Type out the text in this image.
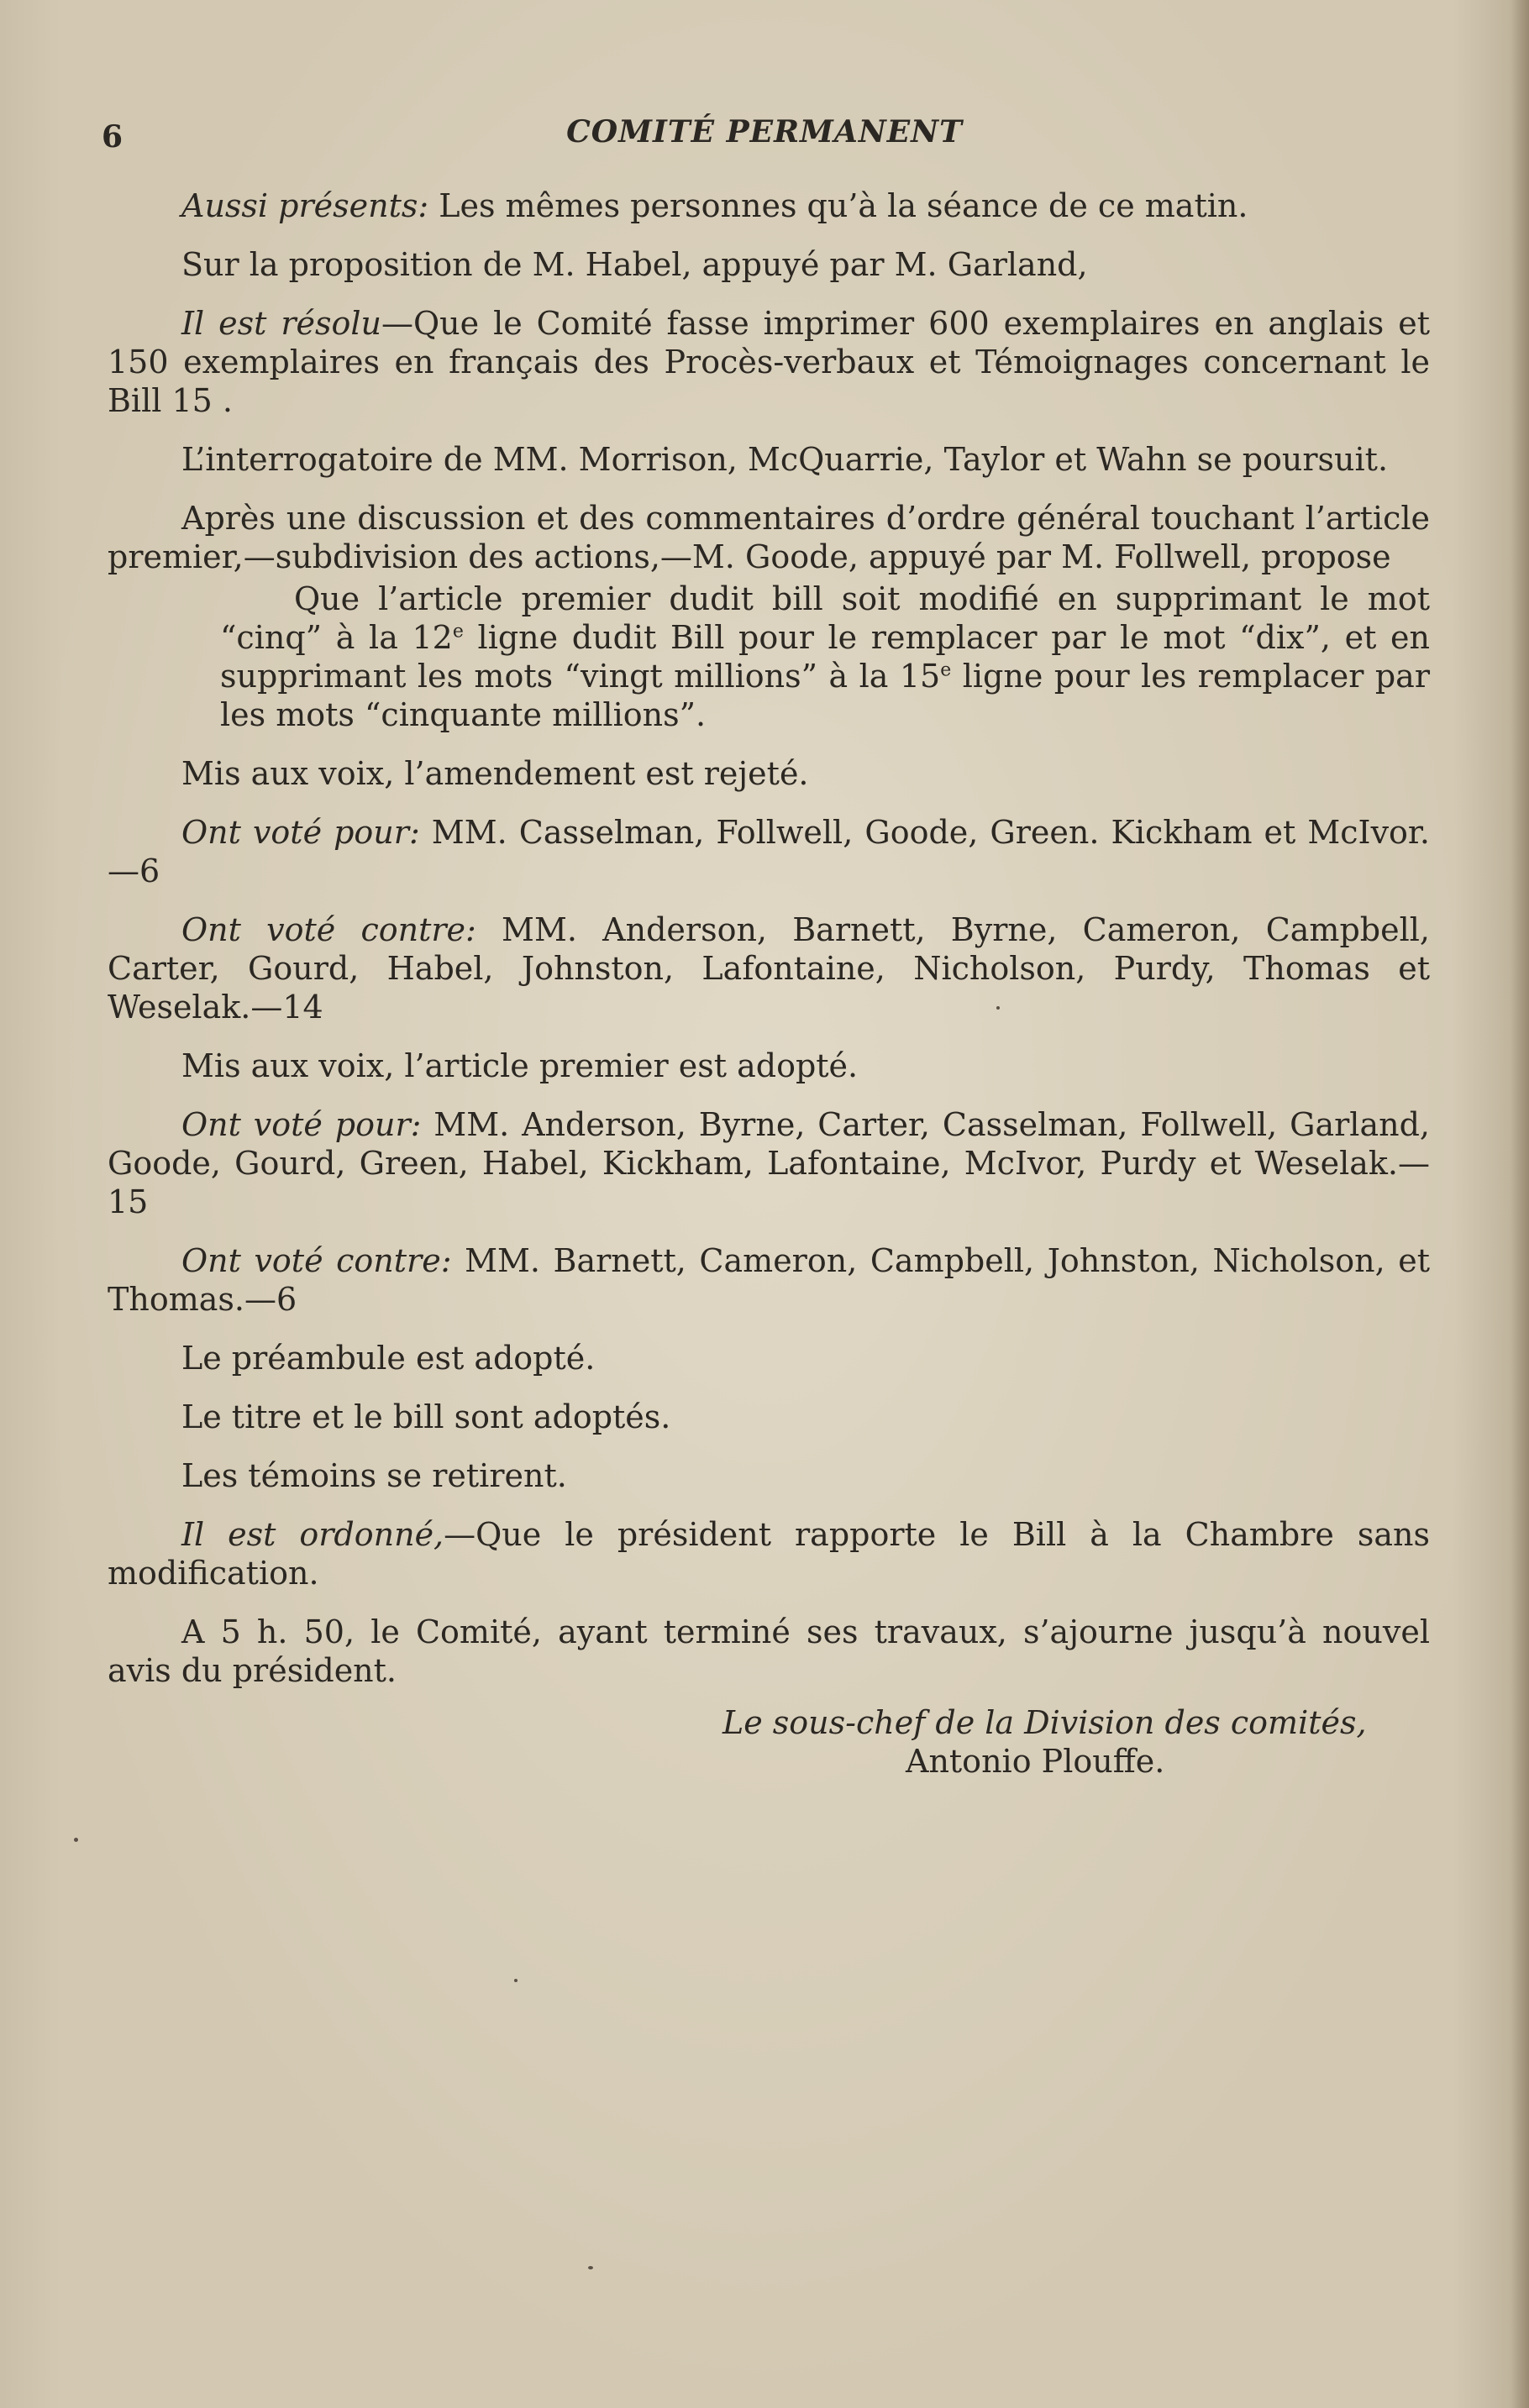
6	COMITÉ PERMANENT

Aussi présents: Les mêmes personnes qu’à la séance de ce matin.

Sur la proposition de M. Habel, appuyé par M. Garland,

Il est résolu—Que le Comité fasse imprimer 600 exemplaires en anglais et 150 exemplaires en français des Procès-verbaux et Témoignages concernant le Bill 15 .

L’interrogatoire de MM. Morrison, McQuarrie, Taylor et Wahn se poursuit.

Après une discussion et des commentaires d’ordre général touchant l’article premier,—subdivision des actions,—M. Goode, appuyé par M. Follwell, propose

Que l’article premier dudit bill soit modifié en supprimant le mot “cinq” à la 12e ligne dudit Bill pour le remplacer par le mot “dix”, et en supprimant les mots “vingt millions” à la 15e ligne pour les remplacer par les mots “cinquante millions”.

Mis aux voix, l’amendement est rejeté.

Ont voté pour: MM. Casselman, Follwell, Goode, Green. Kickham et McIvor.—6

Ont voté contre: MM. Anderson, Barnett, Byrne, Cameron, Campbell, Carter, Gourd, Habel, Johnston, Lafontaine, Nicholson, Purdy, Thomas et Weselak.—14

Mis aux voix, l’article premier est adopté.

Ont voté pour: MM. Anderson, Byrne, Carter, Casselman, Follwell, Garland, Goode, Gourd, Green, Habel, Kickham, Lafontaine, McIvor, Purdy et Weselak.—15

Ont voté contre: MM. Barnett, Cameron, Campbell, Johnston, Nicholson, et Thomas.—6

Le préambule est adopté.

Le titre et le bill sont adoptés.

Les témoins se retirent.

Il est ordonné,—Que le président rapporte le Bill à la Chambre sans modification.

A 5 h. 50, le Comité, ayant terminé ses travaux, s’ajourne jusqu’à nouvel avis du président.

Le sous-chef de la Division des comités,
Antonio Plouffe.
